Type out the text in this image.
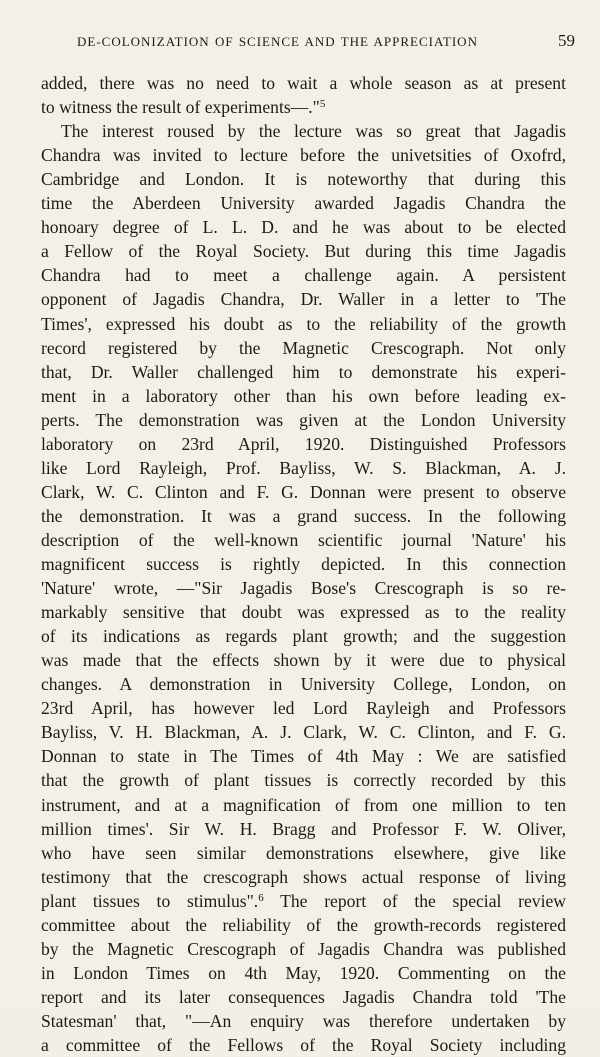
DE-COLONIZATION OF SCIENCE AND THE APPRECIATION	59
added, there was no need to wait a whole season as at present
to witness the result of experiments—."$^5$
The interest roused by the lecture was so great that Jagadis
Chandra was invited to lecture before the univetsities of Oxofrd,
Cambridge and London. It is noteworthy that during this
time the Aberdeen University awarded Jagadis Chandra the
honoary degree of L. L. D. and he was about to be elected
a Fellow of the Royal Society. But during this time Jagadis
Chandra had to meet a challenge again. A persistent
opponent of Jagadis Chandra, Dr. Waller in a letter to 'The
Times', expressed his doubt as to the reliability of the growth
record registered by the Magnetic Crescograph. Not only
that, Dr. Waller challenged him to demonstrate his experi-
ment in a laboratory other than his own before leading ex-
perts. The demonstration was given at the London University
laboratory on 23rd April, 1920. Distinguished Professors
like Lord Rayleigh, Prof. Bayliss, W. S. Blackman, A. J.
Clark, W. C. Clinton and F. G. Donnan were present to observe
the demonstration. It was a grand success. In the following
description of the well-known scientific journal 'Nature' his
magnificent success is rightly depicted. In this connection
'Nature' wrote, —"Sir Jagadis Bose's Crescograph is so re-
markably sensitive that doubt was expressed as to the reality
of its indications as regards plant growth; and the suggestion
was made that the effects shown by it were due to physical
changes. A demonstration in University College, London, on
23rd April, has however led Lord Rayleigh and Professors
Bayliss, V. H. Blackman, A. J. Clark, W. C. Clinton, and F. G.
Donnan to state in The Times of 4th May : We are satisfied
that the growth of plant tissues is correctly recorded by this
instrument, and at a magnification of from one million to ten
million times'. Sir W. H. Bragg and Professor F. W. Oliver,
who have seen similar demonstrations elsewhere, give like
testimony that the crescograph shows actual response of living
plant tissues to stimulus".$^6$ The report of the special review
committee about the reliability of the growth-records registered
by the Magnetic Crescograph of Jagadis Chandra was published
in London Times on 4th May, 1920. Commenting on the
report and its later consequences Jagadis Chandra told 'The
Statesman' that, "—An enquiry was therefore undertaken by
a committee of the Fellows of the Royal Society including
